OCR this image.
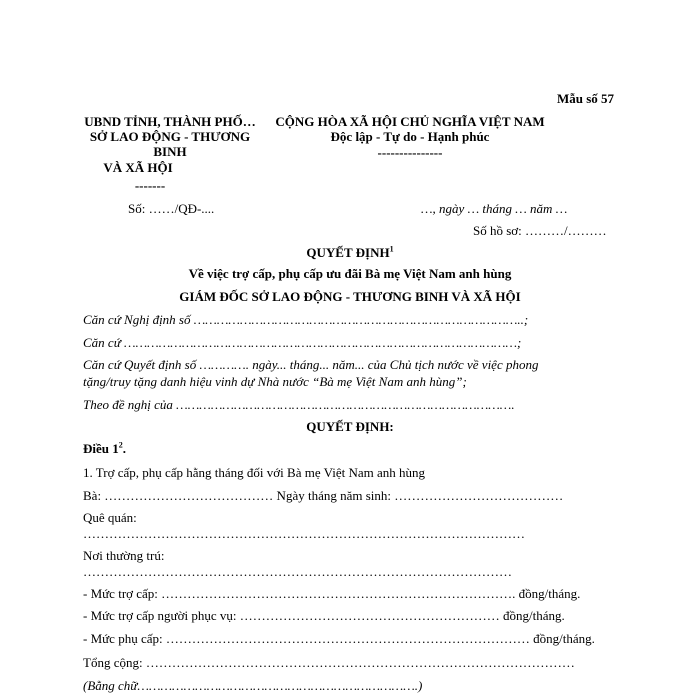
Mẫu số 57
UBND TỈNH, THÀNH PHỐ…
SỞ LAO ĐỘNG - THƯƠNG
BINH
VÀ XÃ HỘI
-------
CỘNG HÒA XÃ HỘI CHỦ NGHĨA VIỆT NAM
Độc lập - Tự do - Hạnh phúc
---------------
Số: ……/QĐ-....	…, ngày … tháng … năm …
Số hồ sơ: ………/………
QUYẾT ĐỊNH$^1$
Về việc trợ cấp, phụ cấp ưu đãi Bà mẹ Việt Nam anh hùng
GIÁM ĐỐC SỞ LAO ĐỘNG - THƯƠNG BINH VÀ XÃ HỘI
Căn cứ Nghị định số …………………………………………………………………………..;
Căn cứ …………………………………………………………………………………………;
Căn cứ Quyết định số …………. ngày... tháng... năm... của Chủ tịch nước về việc phong
tặng/truy tặng danh hiệu vinh dự Nhà nước “Bà mẹ Việt Nam anh hùng”;
Theo đề nghị của …………………………………………………………………………….
QUYẾT ĐỊNH:
Điều $1^2$.
1. Trợ cấp, phụ cấp hằng tháng đối với Bà mẹ Việt Nam anh hùng
Bà: ………………………………… Ngày tháng năm sinh: …………………………………
Quê quán:
…………………………………………………………………………………………
Nơi thường trú:
………………………………………………………………………………………
- Mức trợ cấp: ………………………………………………………………………. đồng/tháng.
- Mức trợ cấp người phục vụ: …………………………………………………… đồng/tháng.
- Mức phụ cấp: ………………………………………………………………………… đồng/tháng.
Tổng cộng: ………………………………………………………………………………………
(Bằng chữ……………………………………………………………….)
